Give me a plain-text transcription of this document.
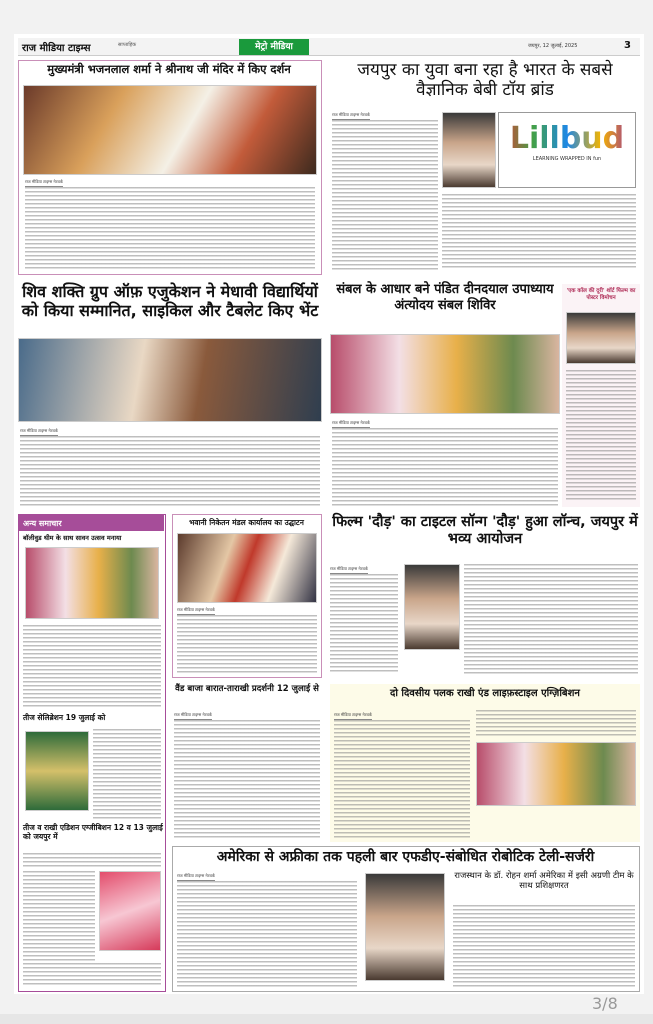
राज मीडिया टाइम्स	साप्ताहिक	मेट्रो मीडिया	जयपुर, 12 जुलाई, 2025	3
मुख्यमंत्री भजनलाल शर्मा ने श्रीनाथ जी मंदिर में किए दर्शन
राज मीडिया टाइम्स नेटवर्क
जयपुर का युवा बना रहा है भारत के सबसे वैज्ञानिक बेबी टॉय ब्रांड
राज मीडिया टाइम्स नेटवर्क
Lillbud
LEARNING WRAPPED IN fun
शिव शक्ति ग्रुप ऑफ़ एजुकेशन ने मेधावी विद्यार्थियों को किया सम्मानित, साइकिल और टैबलेट किए भेंट
राज मीडिया टाइम्स नेटवर्क
संबल के आधार बने पंडित दीनदयाल उपाध्याय अंत्योदय संबल शिविर
राज मीडिया टाइम्स नेटवर्क
'एक कॉल की दूरी' शॉर्ट फिल्म का पोस्टर विमोचन
अन्य समाचार
बॉलीवुड थीम के साथ सावन उत्सव मनाया
तीज सेलिब्रेशन 19 जुलाई को
तीज व राखी एडिशन एग्जीबिशन 12 व 13 जुलाई को जयपुर में
भवानी निकेतन मंडल कार्यालय का उद्घाटन
राज मीडिया टाइम्स नेटवर्क
फिल्म 'दौड़' का टाइटल सॉन्ग 'दौड़' हुआ लॉन्च, जयपुर में भव्य आयोजन
राज मीडिया टाइम्स नेटवर्क
वैंड बाजा बारात-ताराखी प्रदर्शनी 12 जुलाई से
राज मीडिया टाइम्स नेटवर्क
दो दिवसीय पलक राखी एंड लाइफ़स्टाइल एग्ज़िबिशन
राज मीडिया टाइम्स नेटवर्क
अमेरिका से अफ्रीका तक पहली बार एफडीए-संबोधित रोबोटिक टेली-सर्जरी
राज मीडिया टाइम्स नेटवर्क	राजस्थान के डॉ. रोहन शर्मा अमेरिका में इसी अग्रणी टीम के साथ प्रशिक्षणरत
3/8
